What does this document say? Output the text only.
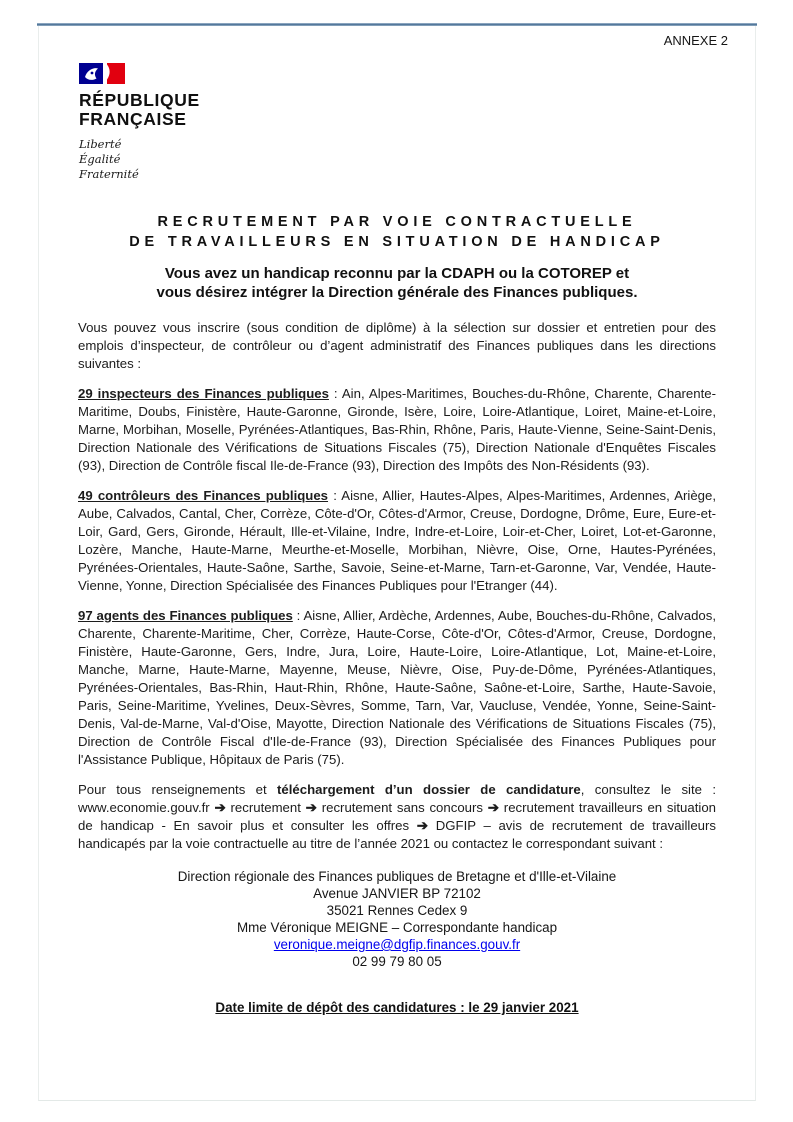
ANNEXE 2
RÉPUBLIQUE
FRANÇAISE
Liberté
Égalité
Fraternité
RECRUTEMENT PAR VOIE CONTRACTUELLE
DE TRAVAILLEURS EN SITUATION DE HANDICAP
Vous avez un handicap reconnu par la CDAPH ou la COTOREP et
vous désirez intégrer la Direction générale des Finances publiques.

Vous pouvez vous inscrire (sous condition de diplôme) à la sélection sur dossier et entretien pour des emplois d’inspecteur, de contrôleur ou d’agent administratif des Finances publiques dans les directions suivantes :

29 inspecteurs des Finances publiques : Ain, Alpes-Maritimes, Bouches-du-Rhône, Charente, Charente-Maritime, Doubs, Finistère, Haute-Garonne, Gironde, Isère, Loire, Loire-Atlantique, Loiret, Maine-et-Loire, Marne, Morbihan, Moselle, Pyrénées-Atlantiques, Bas-Rhin, Rhône, Paris, Haute-Vienne, Seine-Saint-Denis, Direction Nationale des Vérifications de Situations Fiscales (75), Direction Nationale d'Enquêtes Fiscales (93), Direction de Contrôle fiscal Ile-de-France (93), Direction des Impôts des Non-Résidents (93).

49 contrôleurs des Finances publiques : Aisne, Allier, Hautes-Alpes, Alpes-Maritimes, Ardennes, Ariège, Aube, Calvados, Cantal, Cher, Corrèze, Côte-d'Or, Côtes-d'Armor, Creuse, Dordogne, Drôme, Eure, Eure-et-Loir, Gard, Gers, Gironde, Hérault, Ille-et-Vilaine, Indre, Indre-et-Loire, Loir-et-Cher, Loiret, Lot-et-Garonne, Lozère, Manche, Haute-Marne, Meurthe-et-Moselle, Morbihan, Nièvre, Oise, Orne, Hautes-Pyrénées, Pyrénées-Orientales, Haute-Saône, Sarthe, Savoie, Seine-et-Marne, Tarn-et-Garonne, Var, Vendée, Haute-Vienne, Yonne, Direction Spécialisée des Finances Publiques pour l'Etranger (44).

97 agents des Finances publiques : Aisne, Allier, Ardèche, Ardennes, Aube, Bouches-du-Rhône, Calvados, Charente, Charente-Maritime, Cher, Corrèze, Haute-Corse, Côte-d'Or, Côtes-d'Armor, Creuse, Dordogne, Finistère, Haute-Garonne, Gers, Indre, Jura, Loire, Haute-Loire, Loire-Atlantique, Lot, Maine-et-Loire, Manche, Marne, Haute-Marne, Mayenne, Meuse, Nièvre, Oise, Puy-de-Dôme, Pyrénées-Atlantiques, Pyrénées-Orientales, Bas-Rhin, Haut-Rhin, Rhône, Haute-Saône, Saône-et-Loire, Sarthe, Haute-Savoie, Paris, Seine-Maritime, Yvelines, Deux-Sèvres, Somme, Tarn, Var, Vaucluse, Vendée, Yonne, Seine-Saint-Denis, Val-de-Marne, Val-d'Oise, Mayotte, Direction Nationale des Vérifications de Situations Fiscales (75), Direction de Contrôle Fiscal d'Ile-de-France (93), Direction Spécialisée des Finances Publiques pour l'Assistance Publique, Hôpitaux de Paris (75).

Pour tous renseignements et téléchargement d’un dossier de candidature, consultez le site : www.economie.gouv.fr ➔ recrutement ➔ recrutement sans concours ➔ recrutement travailleurs en situation de handicap - En savoir plus et consulter les offres ➔ DGFIP – avis de recrutement de travailleurs handicapés par la voie contractuelle au titre de l’année 2021 ou contactez le correspondant suivant :

Direction régionale des Finances publiques de Bretagne et d'Ille-et-Vilaine
Avenue JANVIER BP 72102
35021 Rennes Cedex 9
Mme Véronique MEIGNE – Correspondante handicap
veronique.meigne@dgfip.finances.gouv.fr
02 99 79 80 05
Date limite de dépôt des candidatures : le 29 janvier 2021
